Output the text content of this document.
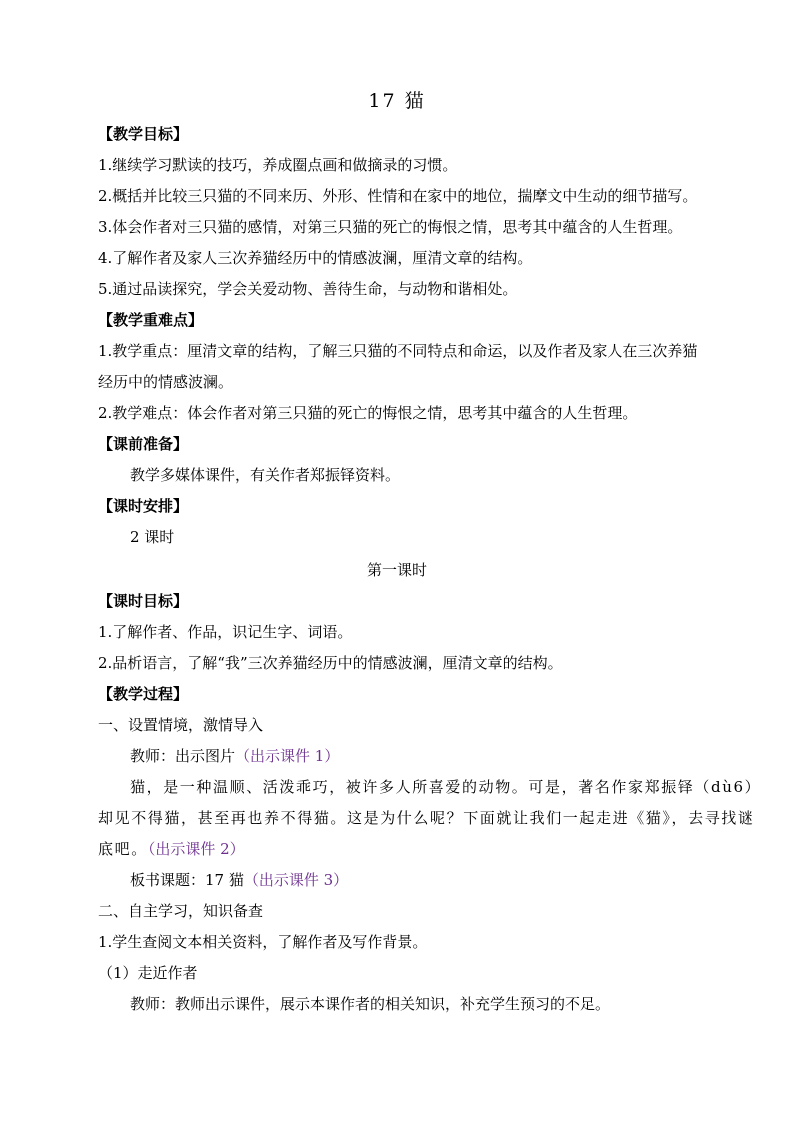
17 猫
【教学目标】
1.继续学习默读的技巧，养成圈点画和做摘录的习惯。
2.概括并比较三只猫的不同来历、外形、性情和在家中的地位，揣摩文中生动的细节描写。
3.体会作者对三只猫的感情，对第三只猫的死亡的悔恨之情，思考其中蕴含的人生哲理。
4.了解作者及家人三次养猫经历中的情感波澜，厘清文章的结构。
5.通过品读探究，学会关爱动物、善待生命，与动物和谐相处。
【教学重难点】
1.教学重点：厘清文章的结构，了解三只猫的不同特点和命运，以及作者及家人在三次养猫
经历中的情感波澜。
2.教学难点：体会作者对第三只猫的死亡的悔恨之情，思考其中蕴含的人生哲理。
【课前准备】
教学多媒体课件，有关作者郑振铎资料。
【课时安排】
2 课时
第一课时
【课时目标】
1.了解作者、作品，识记生字、词语。
2.品析语言，了解“我”三次养猫经历中的情感波澜，厘清文章的结构。
【教学过程】
一、设置情境，激情导入
教师：出示图片（出示课件 1）
猫，是一种温顺、活泼乖巧，被许多人所喜爱的动物。可是，著名作家郑振铎（dù6）
却见不得猫，甚至再也养不得猫。这是为什么呢？下面就让我们一起走进《猫》，去寻找谜
底吧。（出示课件 2）
板书课题：17 猫（出示课件 3）
二、自主学习，知识备查
1.学生查阅文本相关资料，了解作者及写作背景。
（1）走近作者
教师：教师出示课件，展示本课作者的相关知识，补充学生预习的不足。
